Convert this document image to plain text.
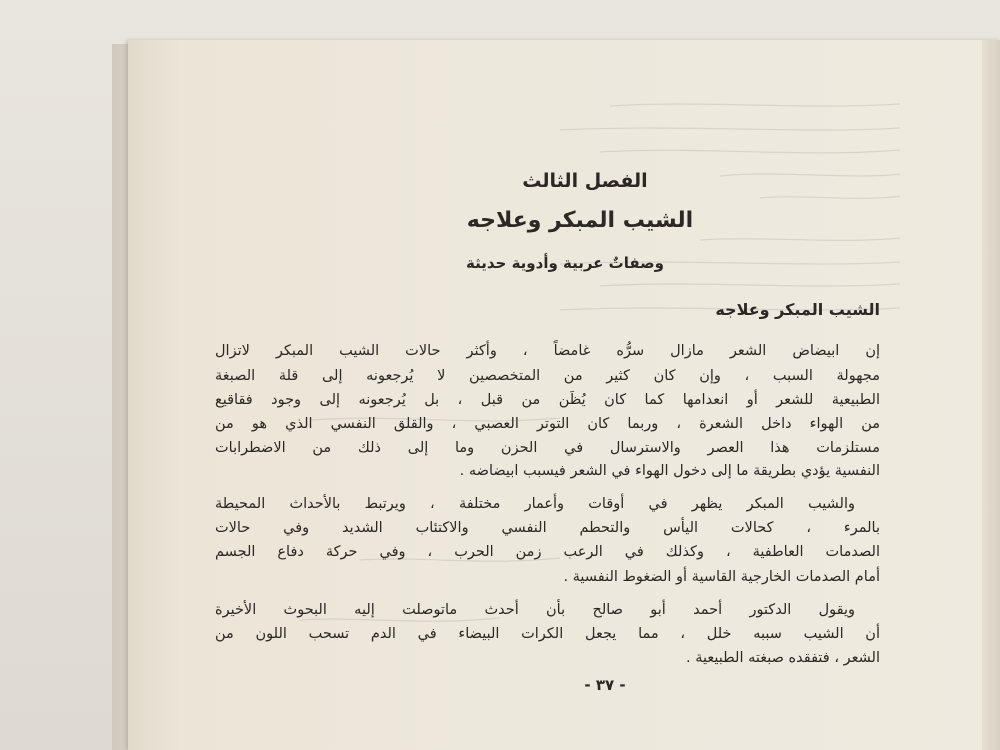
الفصل الثالث
الشيب المبكر وعلاجه
وصفاتٌ عربية وأدوية حديثة
الشيب المبكر وعلاجه
إن ابيضاض الشعر مازال سرُّه غامضاً ، وأكثر حالات الشيب المبكر لاتزال
مجهولة السبب ، وإن كان كثير من المتخصصين لا يُرجعونه إلى قلة الصبغة
الطبيعية للشعر أو انعدامها كما كان يُظَن من قبل ، بل يُرجعونه إلى وجود فقاقيع
من الهواء داخل الشعرة ، وربما كان التوتر العصبي ، والقلق النفسي الذي هو من
مستلزمات هذا العصر والاسترسال في الحزن وما إلى ذلك من الاضطرابات
النفسية يؤدي بطريقة ما إلى دخول الهواء في الشعر فيسبب ابيضاضه .
والشيب المبكر يظهر في أوقات وأعمار مختلفة ، ويرتبط بالأحداث المحيطة
بالمرء ، كحالات اليأس والتحطم النفسي والاكتئاب الشديد وفي حالات
الصدمات العاطفية ، وكذلك في الرعب زمن الحرب ، وفي حركة دفاع الجسم
أمام الصدمات الخارجية القاسية أو الضغوط النفسية .
ويقول الدكتور أحمد أبو صالح بأن أحدث ماتوصلت إليه البحوث الأخيرة
أن الشيب سببه خلل ، مما يجعل الكرات البيضاء في الدم تسحب اللون من
الشعر ، فتفقده صبغته الطبيعية .
- ٣٧ -
